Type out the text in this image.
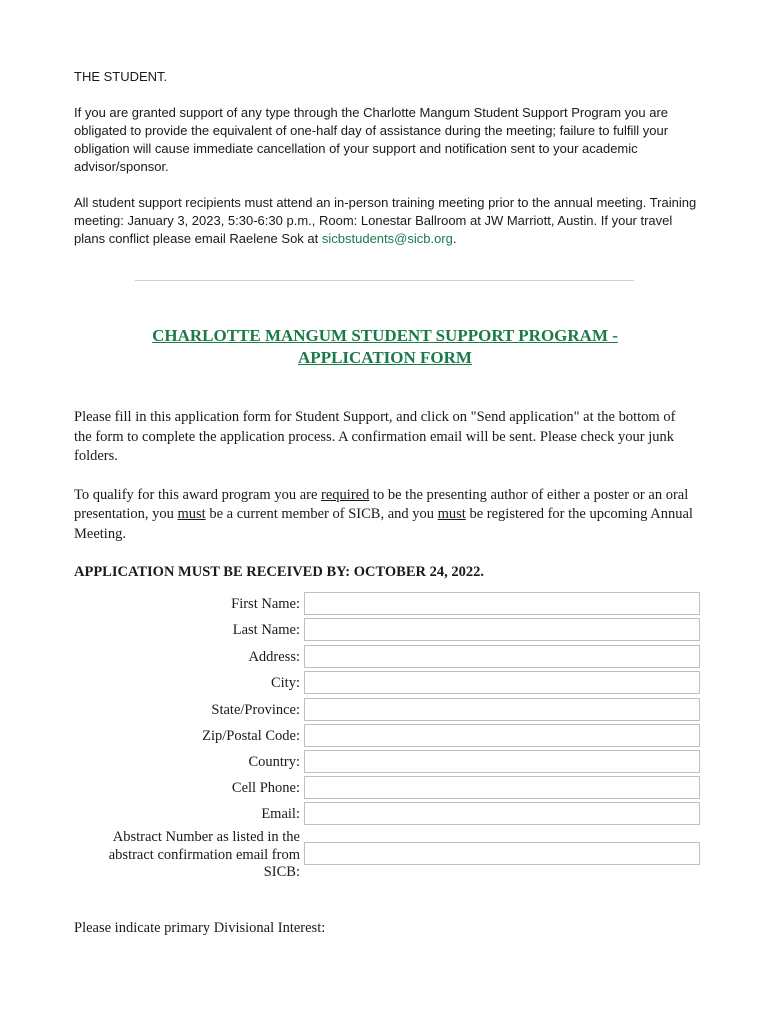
THE STUDENT.

If you are granted support of any type through the Charlotte Mangum Student Support Program you are obligated to provide the equivalent of one-half day of assistance during the meeting; failure to fulfill your obligation will cause immediate cancellation of your support and notification sent to your academic advisor/sponsor.

All student support recipients must attend an in-person training meeting prior to the annual meeting. Training meeting: January 3, 2023, 5:30-6:30 p.m., Room: Lonestar Ballroom at JW Marriott, Austin. If your travel plans conflict please email Raelene Sok at sicbstudents@sicb.org.

CHARLOTTE MANGUM STUDENT SUPPORT PROGRAM -
APPLICATION FORM

Please fill in this application form for Student Support, and click on "Send application" at the bottom of the form to complete the application process. A confirmation email will be sent. Please check your junk folders.

To qualify for this award program you are required to be the presenting author of either a poster or an oral presentation, you must be a current member of SICB, and you must be registered for the upcoming Annual Meeting.

APPLICATION MUST BE RECEIVED BY: OCTOBER 24, 2022.

First Name:
Last Name:
Address:
City:
State/Province:
Zip/Postal Code:
Country:
Cell Phone:
Email:
Abstract Number as listed in the abstract confirmation email from SICB:
Please indicate primary Divisional Interest:
